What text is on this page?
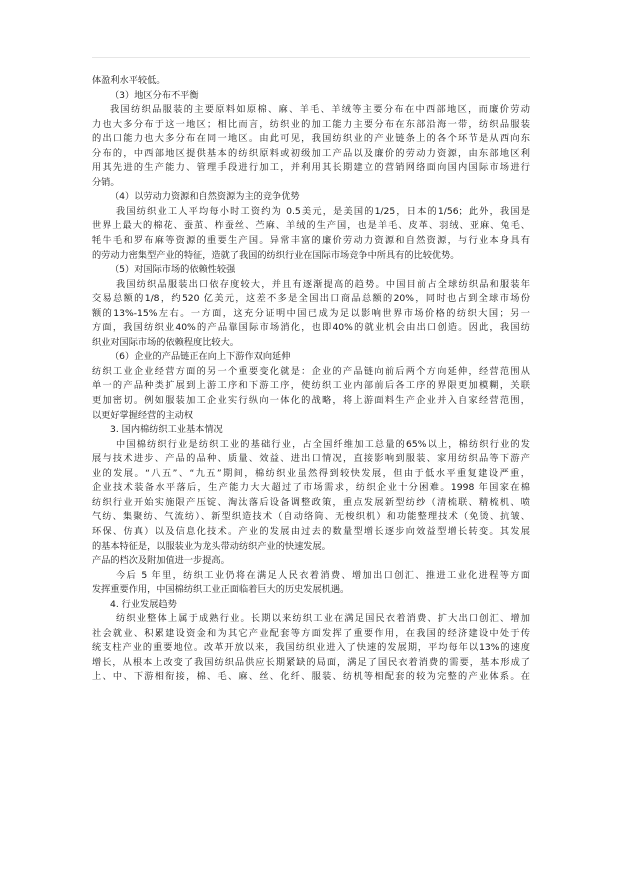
体盈利水平较低。
（3）地区分布不平衡
我国纺织品服装的主要原料如原棉、麻、羊毛、羊绒等主要分布在中西部地区，而廉价劳动
力也大多分布于这一地区；相比而言，纺织业的加工能力主要分布在东部沿海一带，纺织品服装
的出口能力也大多分布在同一地区。由此可见，我国纺织业的产业链条上的各个环节是从西向东
分布的，中西部地区提供基本的纺织原料或初级加工产品以及廉价的劳动力资源，由东部地区利
用其先进的生产能力、管理手段进行加工，并利用其长期建立的营销网络面向国内国际市场进行
分销。
（4）以劳动力资源和自然资源为主的竞争优势
我国纺织业工人平均每小时工资约为 0.5美元，是美国的1/25，日本的1/56；此外，我国是
世界上最大的棉花、蚕茧、柞蚕丝、苎麻、羊绒的生产国，也是羊毛、皮革、羽绒、亚麻、兔毛、
牦牛毛和罗布麻等资源的重要生产国。异常丰富的廉价劳动力资源和自然资源，与行业本身具有
的劳动力密集型产业的特征，造就了我国的纺织行业在国际市场竞争中所具有的比较优势。
（5）对国际市场的依赖性较强
我国纺织品服装出口依存度较大，并且有逐渐提高的趋势。中国目前占全球纺织品和服装年
交易总额的1/8，约520 亿美元，这差不多是全国出口商品总额的20%，同时也占到全球市场份
额的13%-15%左右。一方面，这充分证明中国已成为足以影响世界市场价格的纺织大国；另一
方面，我国纺织业40%的产品靠国际市场消化，也即40%的就业机会由出口创造。因此，我国纺
织业对国际市场的依赖程度比较大。
（6）企业的产品链正在向上下游作双向延伸
纺织工业企业经营方面的另一个重要变化就是：企业的产品链向前后两个方向延伸，经营范围从
单一的产品种类扩展到上游工序和下游工序，使纺织工业内部前后各工序的界限更加模糊，关联
更加密切。例如服装加工企业实行纵向一体化的战略，将上游面料生产企业并入自家经营范围，
以更好掌握经营的主动权
3. 国内棉纺织工业基本情况
中国棉纺织行业是纺织工业的基础行业，占全国纤维加工总量的65%以上，棉纺织行业的发
展与技术进步、产品的品种、质量、效益、进出口情况，直接影响到服装、家用纺织品等下游产
业的发展。“八五”、“九五”期间，棉纺织业虽然得到较快发展，但由于低水平重复建设严重，
企业技术装备水平落后，生产能力大大超过了市场需求，纺织企业十分困难。1998 年国家在棉
纺织行业开始实施限产压锭、淘汰落后设备调整政策，重点发展新型纺纱（清梳联、精梳机、喷
气纺、集聚纺、气流纺）、新型织造技术（自动络筒、无梭织机）和功能整理技术（免烫、抗皱、
环保、仿真）以及信息化技术。产业的发展由过去的数量型增长逐步向效益型增长转变。其发展
的基本特征是，以服装业为龙头带动纺织产业的快速发展。
产品的档次及附加值进一步提高。
今后 5 年里，纺织工业仍将在满足人民衣着消费、增加出口创汇、推进工业化进程等方面
发挥重要作用，中国棉纺织工业正面临着巨大的历史发展机遇。
4. 行业发展趋势
纺织业整体上属于成熟行业。长期以来纺织工业在满足国民衣着消费、扩大出口创汇、增加
社会就业、积累建设资金和为其它产业配套等方面发挥了重要作用，在我国的经济建设中处于传
统支柱产业的重要地位。改革开放以来，我国纺织业进入了快速的发展期，平均每年以13%的速度
增长，从根本上改变了我国纺织品供应长期紧缺的局面，满足了国民衣着消费的需要，基本形成了
上、中、下游相衔接，棉、毛、麻、丝、化纤、服装、纺机等相配套的较为完整的产业体系。在
